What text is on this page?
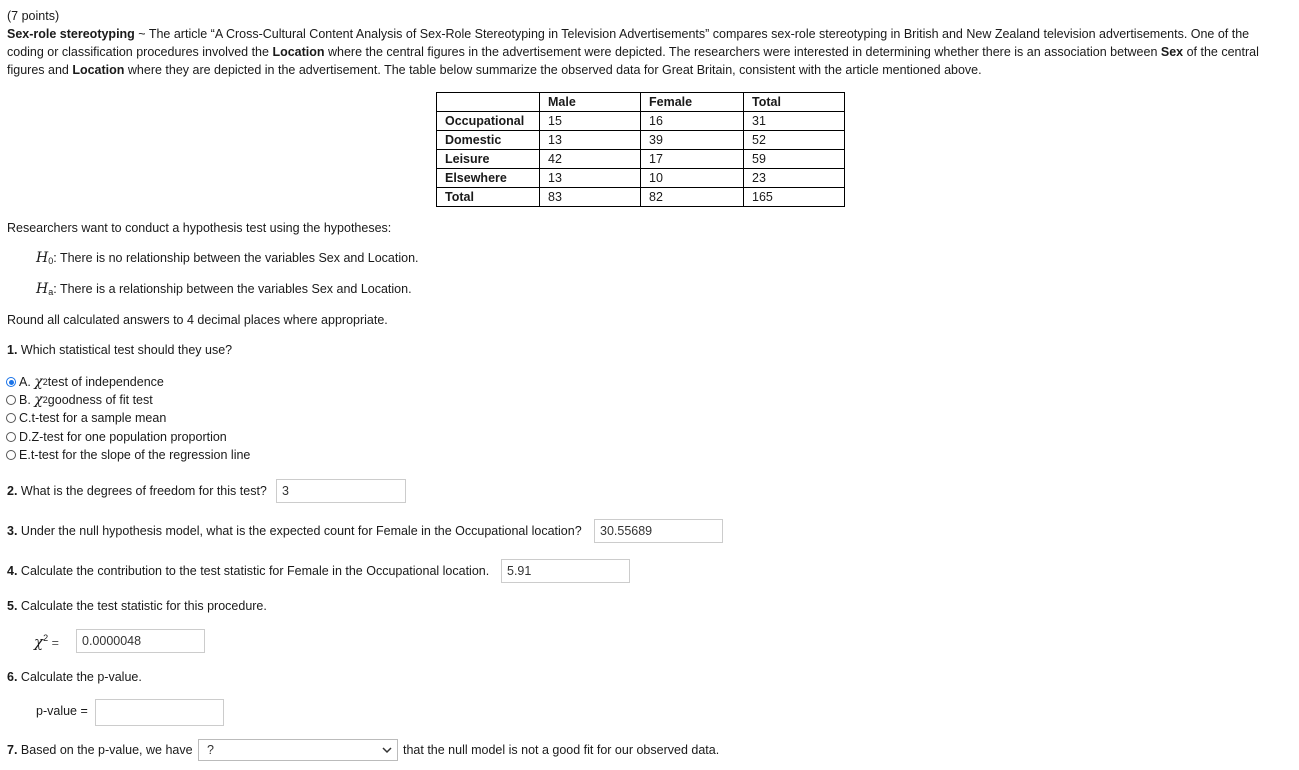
(7 points)
Sex-role stereotyping ~ The article “A Cross-Cultural Content Analysis of Sex-Role Stereotyping in Television Advertisements” compares sex-role stereotyping in British and New Zealand television advertisements. One of the coding or classification procedures involved the Location where the central figures in the advertisement were depicted. The researchers were interested in determining whether there is an association between Sex of the central figures and Location where they are depicted in the advertisement. The table below summarize the observed data for Great Britain, consistent with the article mentioned above.
	Male	Female	Total
Occupational	15	16	31
Domestic	13	39	52
Leisure	42	17	59
Elsewhere	13	10	23
Total	83	82	165
Researchers want to conduct a hypothesis test using the hypotheses:
$H_0$: There is no relationship between the variables Sex and Location.
$H_a$: There is a relationship between the variables Sex and Location.
Round all calculated answers to 4 decimal places where appropriate.
1. Which statistical test should they use?
A.
χ 2 test of independence
B.
χ 2 goodness of fit test
C. t-test for a sample mean
D. Z-test for one population proportion
E. t-test for the slope of the regression line
2. What is the degrees of freedom for this test?	3
3. Under the null hypothesis model, what is the expected count for Female in the Occupational location?	30.55689
4. Calculate the contribution to the test statistic for Female in the Occupational location.	5.91
5. Calculate the test statistic for this procedure.
$\chi^2$ =	0.0000048
6. Calculate the p-value.
p-value =
7. Based on the p-value, we have	?	that the null model is not a good fit for our observed data.
